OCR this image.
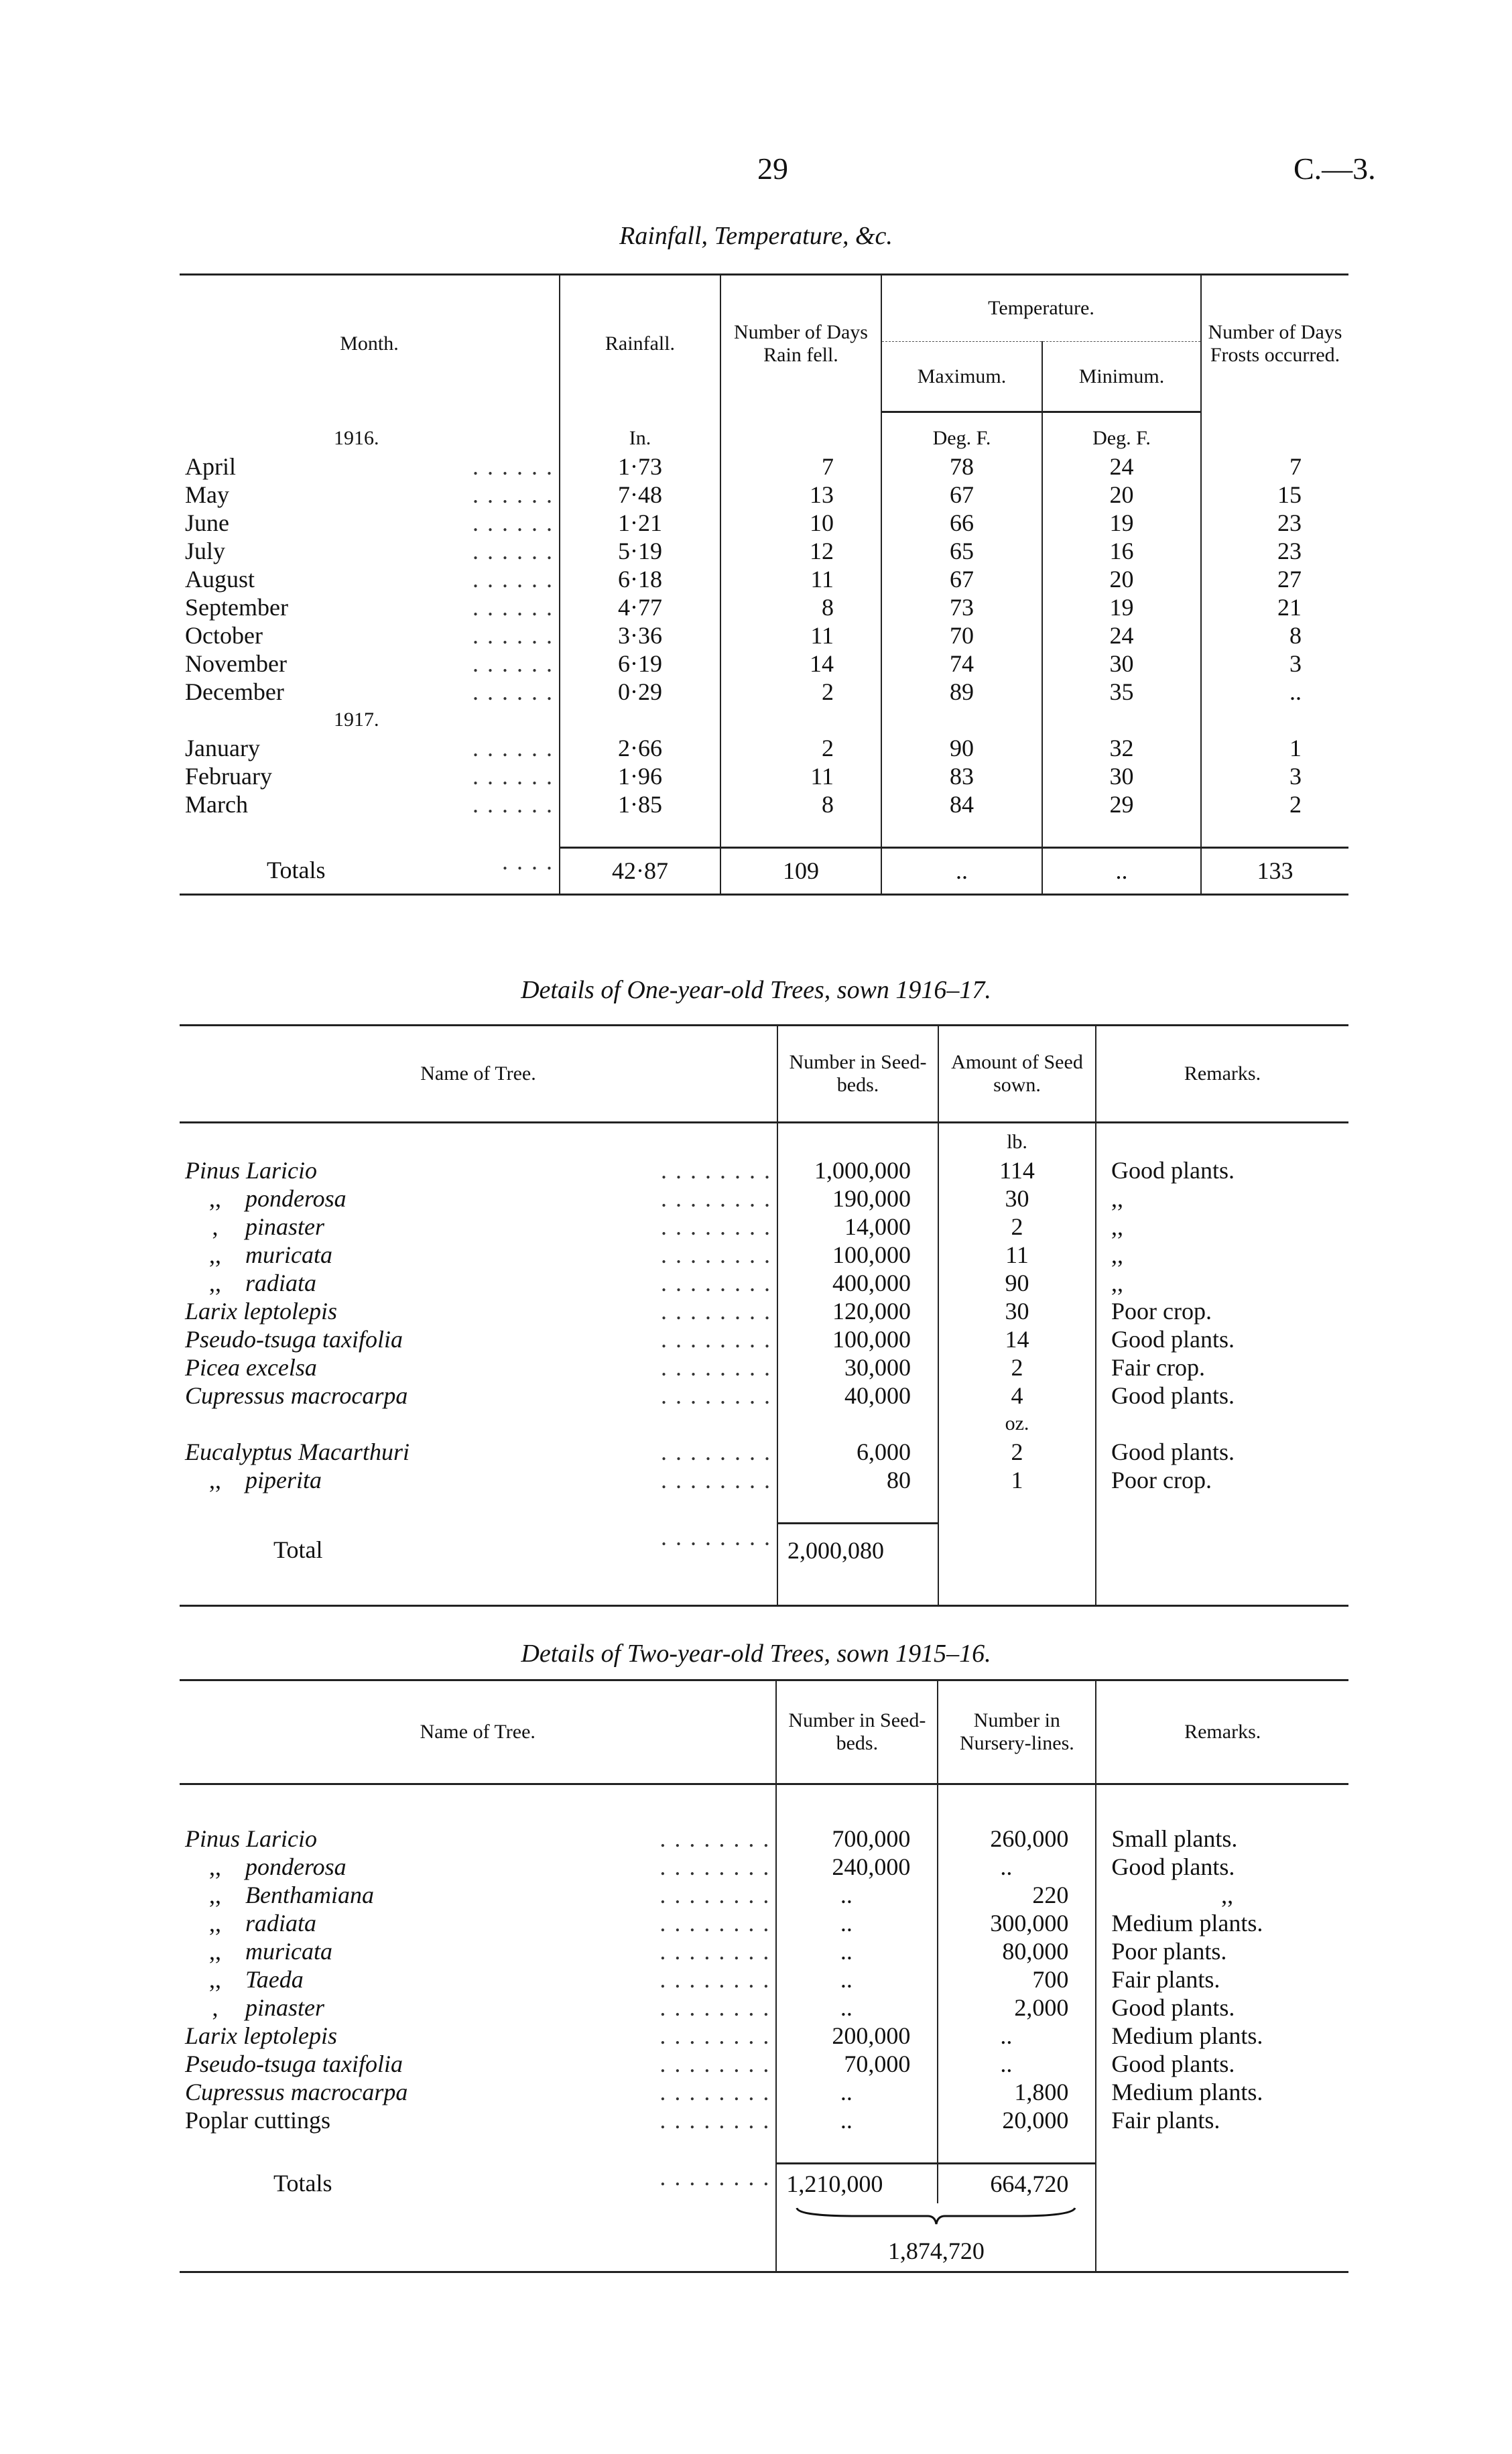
29	C.—3.
Rainfall, Temperature, &c.
Month.	Rainfall.	Number of Days Rain fell.	Temperature.		Number of Days Frosts occurred.
			Maximum.	Minimum.	
1916.	In.		Deg. F.	Deg. F.	
April . . . . . .	1·73	7	78	24	7
May . . . . . .	7·48	13	67	20	15
June . . . . . .	1·21	10	66	19	23
July . . . . . .	5·19	12	65	16	23
August . . . . . .	6·18	11	67	20	27
September . . . . . .	4·77	8	73	19	21
October . . . . . .	3·36	11	70	24	8
November . . . . . .	6·19	14	74	30	3
December . . . . . .	0·29	2	89	35	..
1917.					
January . . . . . .	2·66	2	90	32	1
February . . . . . .	1·96	11	83	30	3
March . . . . . .	1·85	8	84	29	2

Totals . . . .	42·87	109	..	..	133
Details of One-year-old Trees, sown 1916–17.
Name of Tree.	Number in Seed-beds.	Amount of Seed sown.	Remarks.
		lb.	
Pinus Laricio . . . . . . . .	1,000,000	114	Good plants.
,, ponderosa . . . . . . . .	190,000	30	,,
, pinaster . . . . . . . .	14,000	2	,,
,, muricata . . . . . . . .	100,000	11	,,
,, radiata . . . . . . . .	400,000	90	,,
Larix leptolepis . . . . . . . .	120,000	30	Poor crop.
Pseudo-tsuga taxifolia . . . . . . . .	100,000	14	Good plants.
Picea excelsa . . . . . . . .	30,000	2	Fair crop.
Cupressus macrocarpa . . . . . . . .	40,000	4	Good plants.
		oz.	
Eucalyptus Macarthuri . . . . . . . .	6,000	2	Good plants.
,, piperita . . . . . . . .	80	1	Poor crop.

Total . . . . . . . .	2,000,080		

Details of Two-year-old Trees, sown 1915–16.
Name of Tree.	Number in Seed-beds.	Number in Nursery-lines.	Remarks.

Pinus Laricio . . . . . . . .	700,000	260,000	Small plants.
,, ponderosa . . . . . . . .	240,000	..	Good plants.
,, Benthamiana . . . . . . . .	..	220	,,
,, radiata . . . . . . . .	..	300,000	Medium plants.
,, muricata . . . . . . . .	..	80,000	Poor plants.
,, Taeda . . . . . . . .	..	700	Fair plants.
, pinaster . . . . . . . .	..	2,000	Good plants.
Larix leptolepis . . . . . . . .	200,000	..	Medium plants.
Pseudo-tsuga taxifolia . . . . . . . .	70,000	..	Good plants.
Cupressus macrocarpa . . . . . . . .	..	1,800	Medium plants.
Poplar cuttings . . . . . . . .	..	20,000	Fair plants.

Totals . . . . . . . .	1,210,000	664,720	

	1,874,720		
